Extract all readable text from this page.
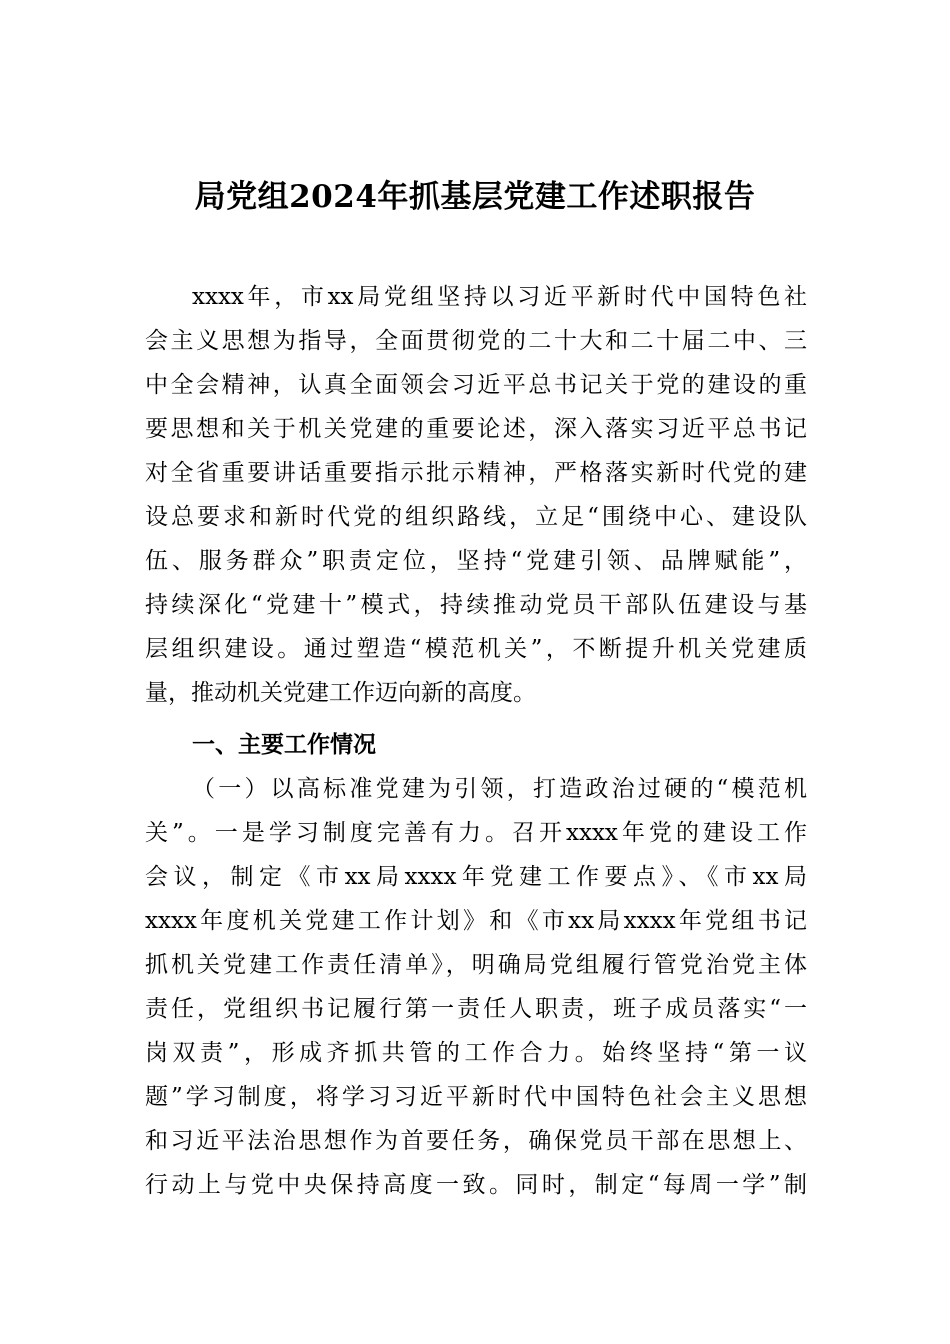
局党组2024年抓基层党建工作述职报告
xxxx年，市xx局党组坚持以习近平新时代中国特色社
会主义思想为指导，全面贯彻党的二十大和二十届二中、三
中全会精神，认真全面领会习近平总书记关于党的建设的重
要思想和关于机关党建的重要论述，深入落实习近平总书记
对全省重要讲话重要指示批示精神，严格落实新时代党的建
设总要求和新时代党的组织路线，立足“围绕中心、建设队
伍、服务群众”职责定位，坚持“党建引领、品牌赋能”，
持续深化“党建十”模式，持续推动党员干部队伍建设与基
层组织建设。通过塑造“模范机关”，不断提升机关党建质
量，推动机关党建工作迈向新的高度。
一、主要工作情况
（一）以高标准党建为引领，打造政治过硬的“模范机
关”。一是学习制度完善有力。召开xxxx年党的建设工作
会议，制定《市xx局xxxx年党建工作要点》、《市xx局
xxxx年度机关党建工作计划》和《市xx局xxxx年党组书记
抓机关党建工作责任清单》，明确局党组履行管党治党主体
责任，党组织书记履行第一责任人职责，班子成员落实“一
岗双责”，形成齐抓共管的工作合力。始终坚持“第一议
题”学习制度，将学习习近平新时代中国特色社会主义思想
和习近平法治思想作为首要任务，确保党员干部在思想上、
行动上与党中央保持高度一致。同时，制定“每周一学”制
